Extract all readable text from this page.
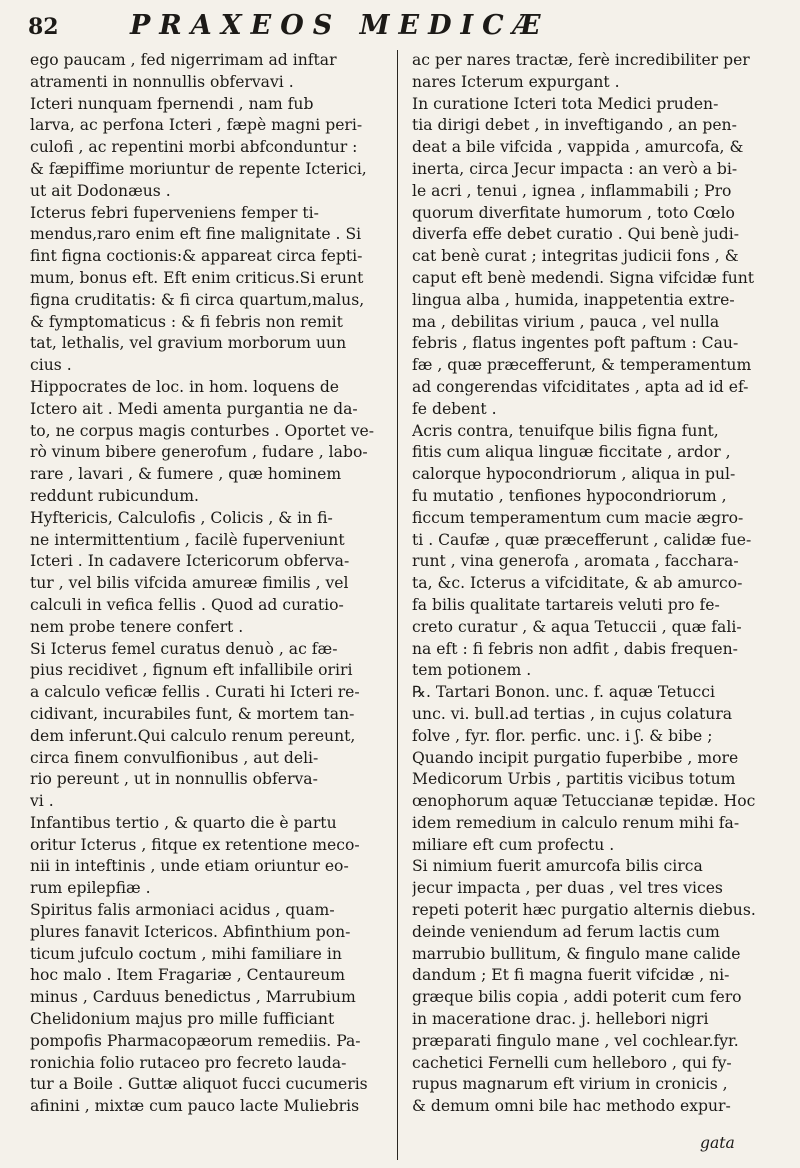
82	PRAXEOS MEDICÆ
ego paucam , fed nigerrimam ad inftar
atramenti in nonnullis obfervavi .
Icteri nunquam fpernendi , nam fub
larva, ac perfona Icteri , fæpè magni peri-
culofi , ac repentini morbi abfconduntur :
& fæpiffime moriuntur de repente Icterici,
ut ait Dodonæus .
Icterus febri fuperveniens femper ti-
mendus,raro enim eft fine malignitate . Si
fint figna coctionis:& appareat circa fepti-
mum, bonus eft. Eft enim criticus.Si erunt
figna cruditatis: & fi circa quartum,malus,
& fymptomaticus : & fi febris non remit
tat, lethalis, vel gravium morborum uun
cius .
Hippocrates de loc. in hom. loquens de
Ictero ait . Medi amenta purgantia ne da-
to, ne corpus magis conturbes . Oportet ve-
rò vinum bibere generofum , fudare , labo-
rare , lavari , & fumere , quæ hominem
reddunt rubicundum.
Hyftericis, Calculofis , Colicis , & in fi-
ne intermittentium , facilè fuperveniunt
Icteri . In cadavere Ictericorum obferva-
tur , vel bilis vifcida amureæ fimilis , vel
calculi in vefica fellis . Quod ad curatio-
nem probe tenere confert .
Si Icterus femel curatus denuò , ac fæ-
pius recidivet , fignum eft infallibile oriri
a calculo veficæ fellis . Curati hi Icteri re-
cidivant, incurabiles funt, & mortem tan-
dem inferunt.Qui calculo renum pereunt,
circa finem convulfionibus , aut deli-
rio pereunt , ut in nonnullis obferva-
vi .
Infantibus tertio , & quarto die è partu
oritur Icterus , fitque ex retentione meco-
nii in inteftinis , unde etiam oriuntur eo-
rum epilepfiæ .
Spiritus falis armoniaci acidus , quam-
plures fanavit Ictericos. Abfinthium pon-
ticum jufculo coctum , mihi familiare in
hoc malo . Item Fragariæ , Centaureum
minus , Carduus benedictus , Marrubium
Chelidonium majus pro mille fufficiant
pompofis Pharmacopæorum remediis. Pa-
ronichia folio rutaceo pro fecreto lauda-
tur a Boile . Guttæ aliquot fucci cucumeris
afinini , mixtæ cum pauco lacte Muliebris
ac per nares tractæ, ferè incredibiliter per
nares Icterum expurgant .
In curatione Icteri tota Medici pruden-
tia dirigi debet , in inveftigando , an pen-
deat a bile vifcida , vappida , amurcofa, &
inerta, circa Jecur impacta : an verò a bi-
le acri , tenui , ignea , inflammabili ; Pro
quorum diverfitate humorum , toto Cœlo
diverfa effe debet curatio . Qui benè judi-
cat benè curat ; integritas judicii fons , &
caput eft benè medendi. Signa vifcidæ funt
lingua alba , humida, inappetentia extre-
ma , debilitas virium , pauca , vel nulla
febris , flatus ingentes poft paftum : Cau-
fæ , quæ præcefferunt, & temperamentum
ad congerendas vifciditates , apta ad id ef-
fe debent .
Acris contra, tenuifque bilis figna funt,
fitis cum aliqua linguæ ficcitate , ardor ,
calorque hypocondriorum , aliqua in pul-
fu mutatio , tenfiones hypocondriorum ,
ficcum temperamentum cum macie ægro-
ti . Caufæ , quæ præcefferunt , calidæ fue-
runt , vina generofa , aromata , facchara-
ta, &c. Icterus a vifciditate, & ab amurco-
fa bilis qualitate tartareis veluti pro fe-
creto curatur , & aqua Tetuccii , quæ fali-
na eft : fi febris non adfit , dabis frequen-
tem potionem .
℞. Tartari Bonon. unc. f. aquæ Tetucci
unc. vi. bull.ad tertias , in cujus colatura
folve , fyr. flor. perfic. unc. i ʃ. & bibe ;
Quando incipit purgatio fuperbibe , more
Medicorum Urbis , partitis vicibus totum
œnophorum aquæ Tetuccianæ tepidæ. Hoc
idem remedium in calculo renum mihi fa-
miliare eft cum profectu .
Si nimium fuerit amurcofa bilis circa
jecur impacta , per duas , vel tres vices
repeti poterit hæc purgatio alternis diebus.
deinde veniendum ad ferum lactis cum
marrubio bullitum, & fingulo mane calide
dandum ; Et fi magna fuerit vifcidæ , ni-
græque bilis copia , addi poterit cum fero
in maceratione drac. j. hellebori nigri
præparati fingulo mane , vel cochlear.fyr.
cachetici Fernelli cum helleboro , qui fy-
rupus magnarum eft virium in cronicis ,
& demum omni bile hac methodo expur-
gata
